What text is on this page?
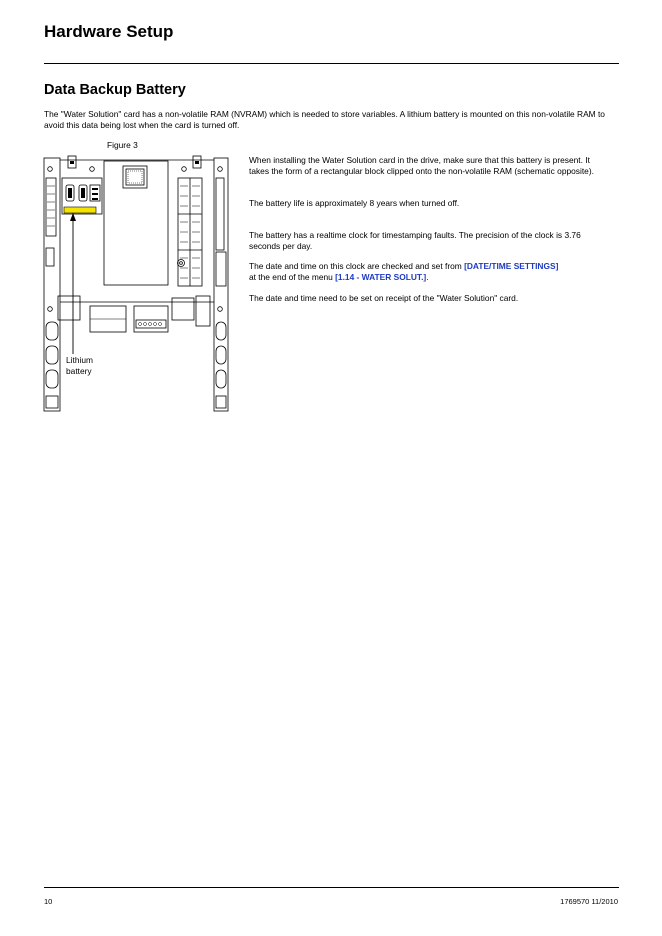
Hardware Setup
Data Backup Battery
The "Water Solution" card has a non-volatile RAM (NVRAM) which is needed to store variables. A lithium battery is mounted on this non-volatile RAM to avoid this data being lost when the card is turned off.
Figure 3
Lithium
battery
When installing the Water Solution card in the drive, make sure that this battery is present. It takes the form of a rectangular block clipped onto the non-volatile RAM (schematic opposite).
The battery life is approximately 8 years when turned off.
The battery has a realtime clock for timestamping faults. The precision of the clock is 3.76 seconds per day.
The date and time on this clock are checked and set from [DATE/TIME SETTINGS]
at the end of the menu [1.14 - WATER SOLUT.].
The date and time need to be set on receipt of the "Water Solution" card.
10	1769570 11/2010
